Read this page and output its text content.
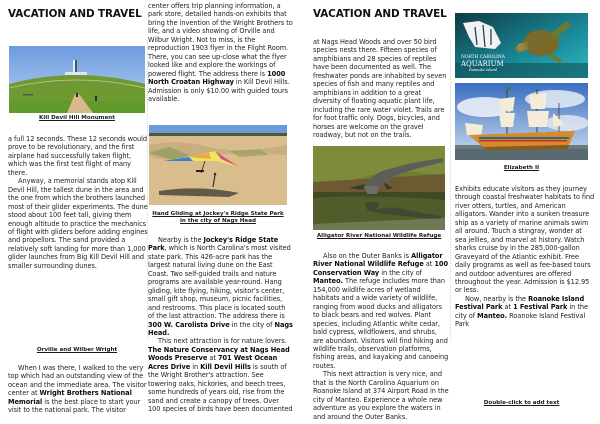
VACATION AND TRAVEL
Kill Devil Hill Monument

a full 12 seconds. These 12 seconds would prove to be revolutionary, and the first airplane had successfully taken flight, which was the first test flight of many there.

Anyway, a memorial stands atop Kill Devil Hill, the tallest dune in the area and the one from which the brothers launched most of their glider experiments. The dune stood about 100 feet tall, giving them enough altitude to practice the mechanics of flight with gliders before adding engines and propellors. The sand provided a relatively soft landing for more than 1,000 glider launches from Big Kill Devil Hill and smaller surrounding dunes.

Orville and Wilber Wright

When I was there, I walked to the very top which had an outstanding view of the ocean and the immediate area. The visitor center at Wright Brothers National Memorial is the best place to start your visit to the national park. The visitor

center offers trip planning information, a park store, detailed hands-on exhibits that bring the invention of the Wright Brothers to life, and a video showing of Orville and Wilbur Wright. Not to miss, is the reproduction 1903 flyer in the Flight Room. There, you can see up-close what the flyer looked like and explore the workings of powered flight. The address there is 1000 North Croatan Highway in Kill Devil Hills. Admission is only $10.00 with guided tours available.

Hand Gliding at Jockey's Ridge State Park
in the city of Nags Head

Nearby is the Jockey's Ridge State Park, which is North Carolina's most visited state park. This 426-acre park has the largest natural living dune on the East Coast. Two self-guided trails and nature programs are available year-round. Hang gliding, kite flying, hiking, visitor's center, small gift shop, museum, picnic facilities, and restrooms. This place is located south of the last attraction. The address there is 300 W. Carolista Drive in the city of Nags Head.

This next attraction is for nature lovers. The Nature Conservancy at Nags Head Woods Preserve at 701 West Ocean Acres Drive in Kill Devil Hills is south of the Wright Brother's attraction. See towering oaks, hickories, and beech trees, some hundreds of years old, rise from the sand and create a canopy of trees. Over 100 species of birds have been documented

VACATION AND TRAVEL

at Nags Head Woods and over 50 bird species nests there. Fifteen species of amphibians and 28 species of reptiles have been documented as well. The freshwater ponds are inhabited by seven species of fish and many reptiles and amphibians in addition to a great diversity of floating aquatic plant life, including the rare water violet. Trails are for foot traffic only. Dogs, bicycles, and horses are welcome on the gravel roadway, but not on the trails.

Alligator River National Wildlife Refuge

Also on the Outer Banks is Alligator River National Wildlife Refuge at 100 Conservation Way in the city of Manteo. The refuge includes more than 154,000 wildlife acres of wetland habitats and a wide variety of wildlife, ranging from wood ducks and alligators to black bears and red wolves. Plant species, including Atlantic white cedar, bald cypress, wildflowers, and shrubs, are abundant. Visitors will find hiking and wildlife trails, observation platforms, fishing areas, and kayaking and canoeing routes.

This next attraction is very nice, and that is the North Carolina Aquarium on Roanoke Island at 374 Airport Road in the city of Manteo. Experience a whole new adventure as you explore the waters in and around the Outer Banks.

NORTH CAROLINA
AQUARIUM
Roanoke Island
Elizabeth II

Exhibits educate visitors as they journey through coastal freshwater habitats to find river otters, turtles, and American alligators. Wander into a sunken treasure ship as a variety of marine animals swim all around. Touch a stingray, wonder at sea jellies, and marvel at history. Watch sharks cruise by in the 285,000-gallon Graveyard of the Atlantic exhibit. Free daily programs as well as fee-based tours and outdoor adventures are offered throughout the year. Admission is $12.95 or less.

Now, nearby is the Roanoke Island Festival Park at 1 Festival Park in the city of Manteo. Roanoke Island Festival Park

Double-click to add text
